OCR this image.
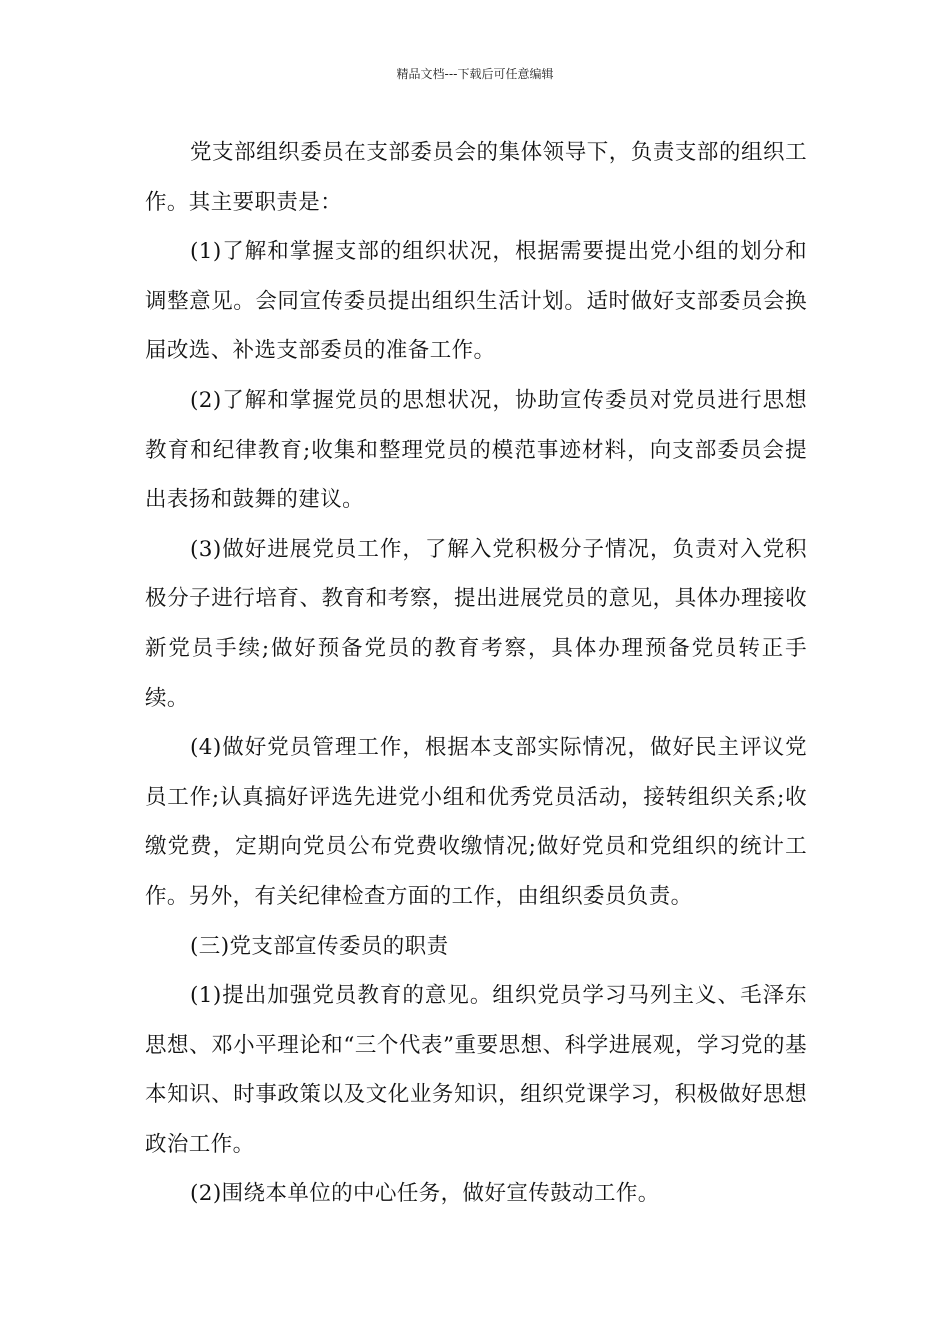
精品文档---下载后可任意编辑

党支部组织委员在支部委员会的集体领导下，负责支部的组织工作。其主要职责是：

(1)了解和掌握支部的组织状况，根据需要提出党小组的划分和调整意见。会同宣传委员提出组织生活计划。适时做好支部委员会换届改选、补选支部委员的准备工作。

(2)了解和掌握党员的思想状况，协助宣传委员对党员进行思想教育和纪律教育;收集和整理党员的模范事迹材料，向支部委员会提出表扬和鼓舞的建议。

(3)做好进展党员工作，了解入党积极分子情况，负责对入党积极分子进行培育、教育和考察，提出进展党员的意见，具体办理接收新党员手续;做好预备党员的教育考察，具体办理预备党员转正手续。

(4)做好党员管理工作，根据本支部实际情况，做好民主评议党员工作;认真搞好评选先进党小组和优秀党员活动，接转组织关系;收缴党费，定期向党员公布党费收缴情况;做好党员和党组织的统计工作。另外，有关纪律检查方面的工作，由组织委员负责。

(三)党支部宣传委员的职责

(1)提出加强党员教育的意见。组织党员学习马列主义、毛泽东思想、邓小平理论和“三个代表”重要思想、科学进展观，学习党的基本知识、时事政策以及文化业务知识，组织党课学习，积极做好思想政治工作。

(2)围绕本单位的中心任务，做好宣传鼓动工作。
